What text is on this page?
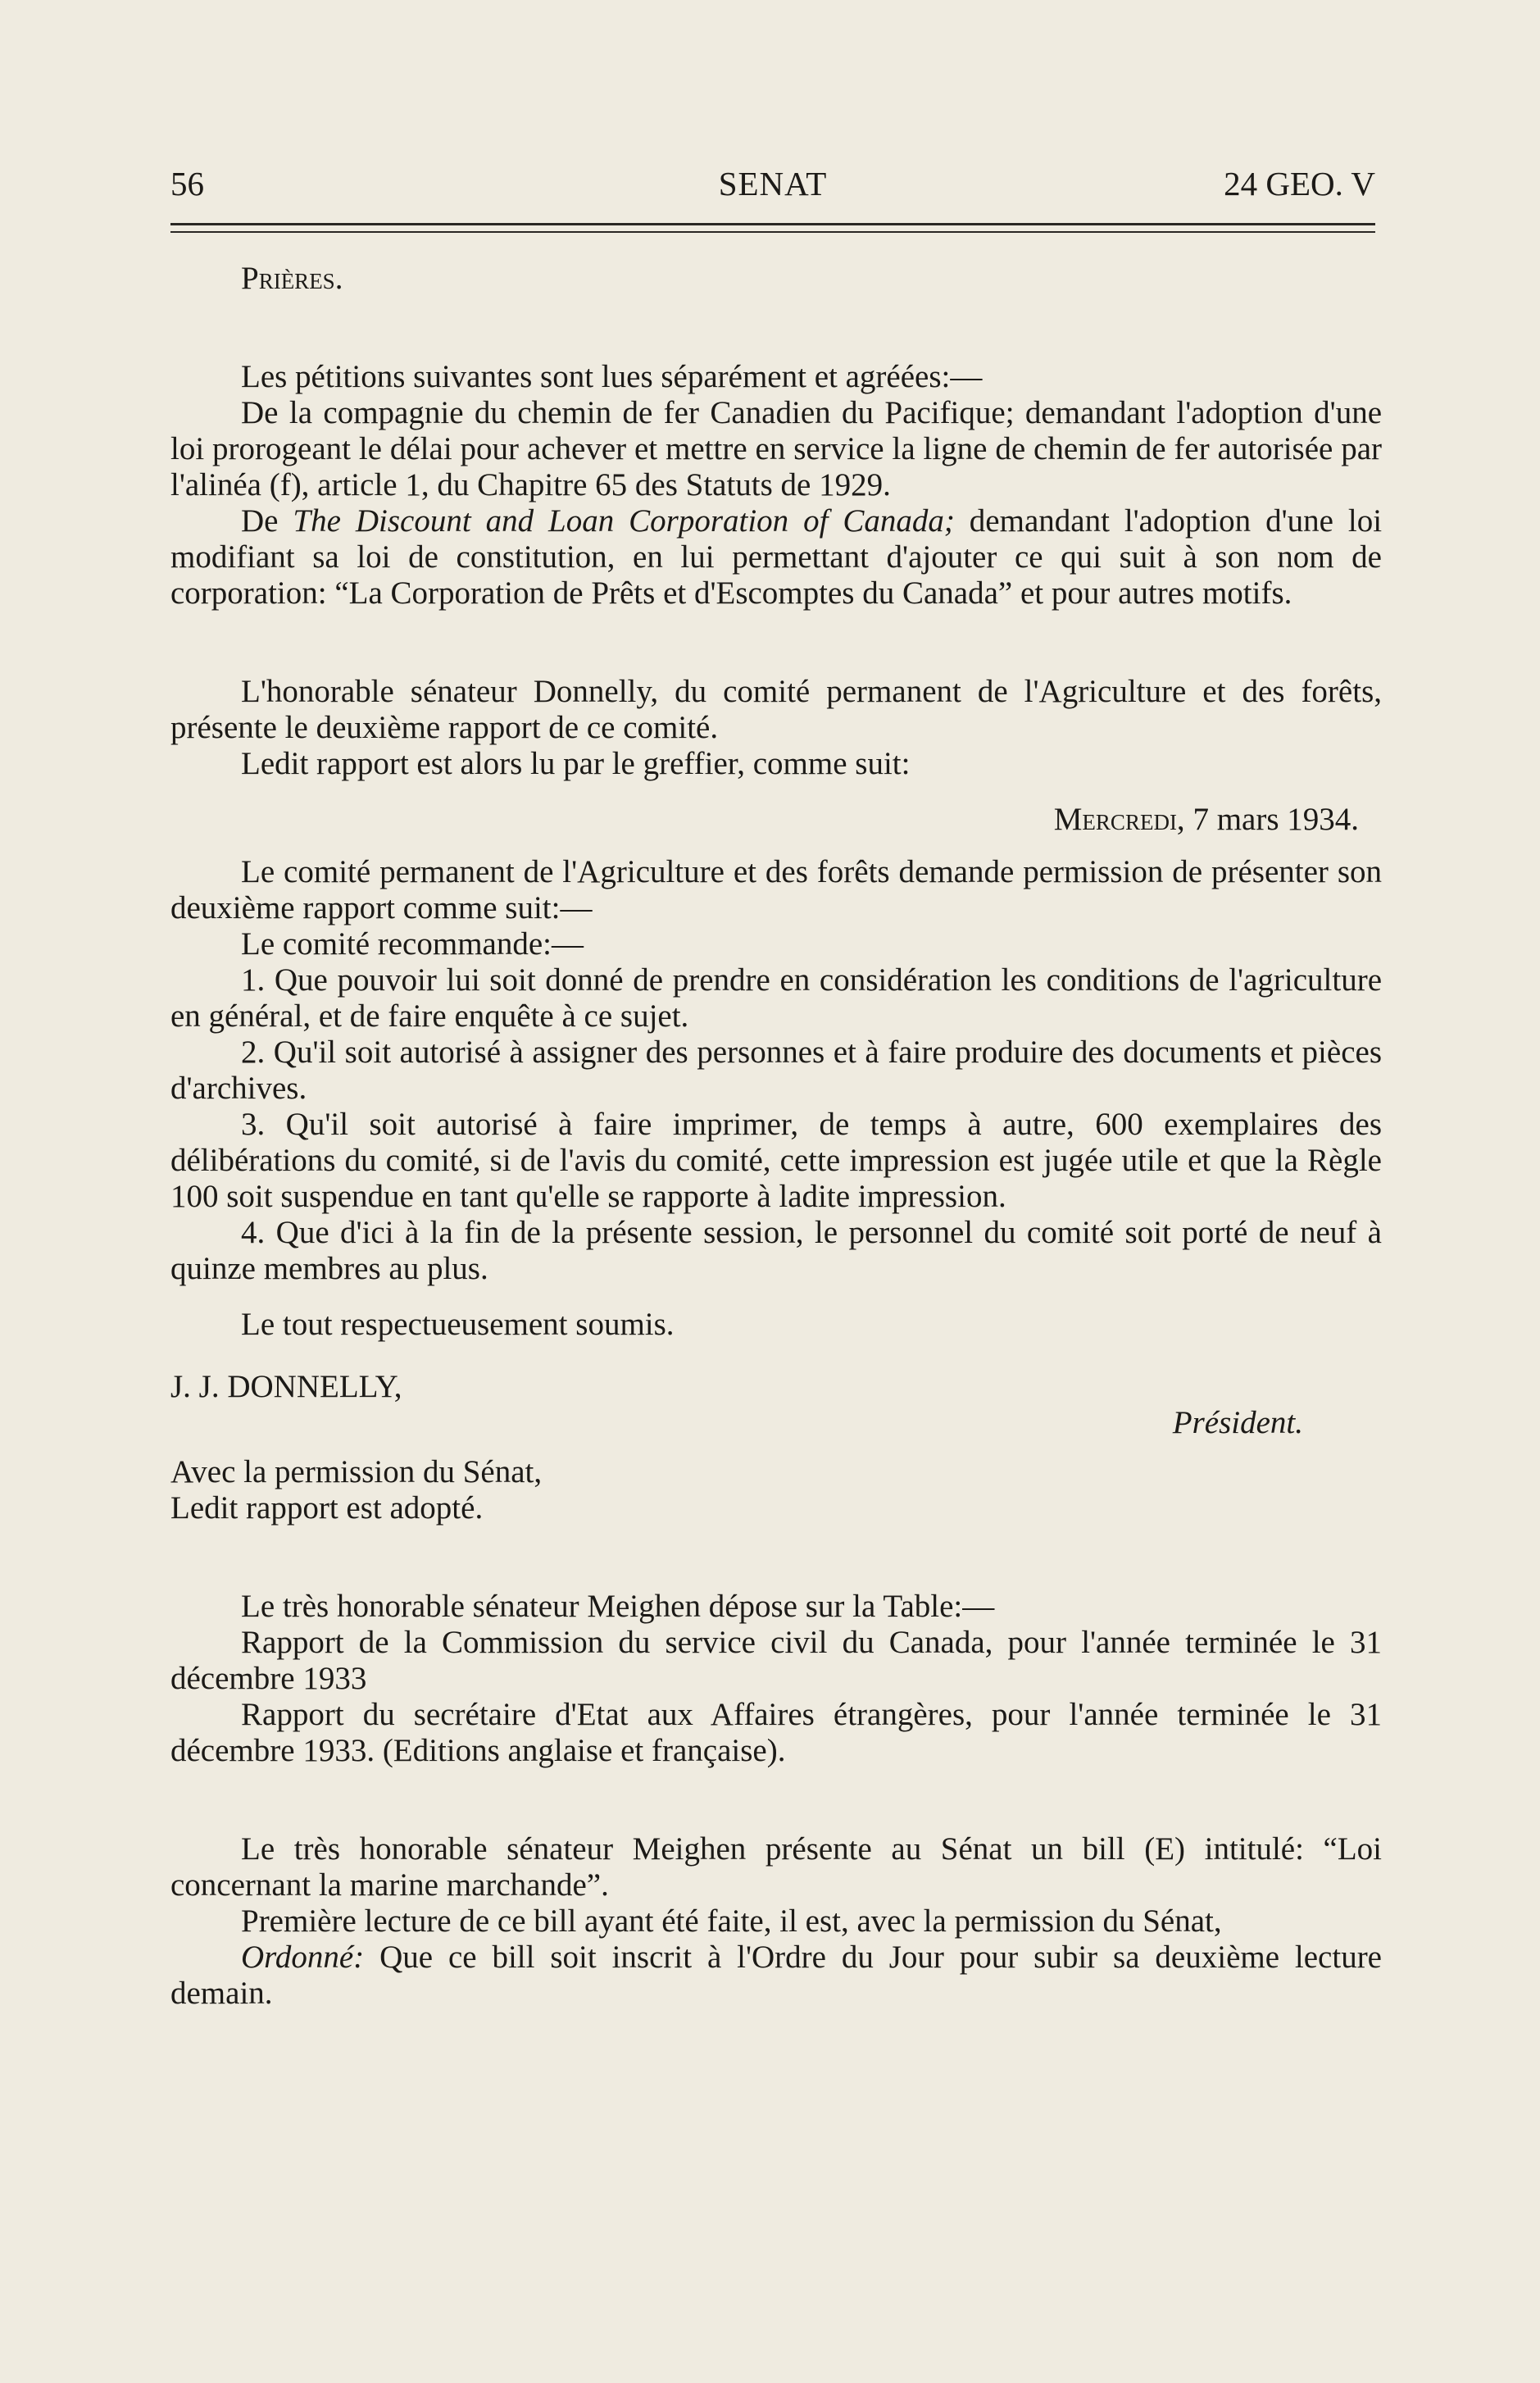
56	SENAT	24 GEO. V

Prières.

Les pétitions suivantes sont lues séparément et agréées:—

De la compagnie du chemin de fer Canadien du Pacifique; demandant l'adoption d'une loi prorogeant le délai pour achever et mettre en service la ligne de chemin de fer autorisée par l'alinéa (f), article 1, du Chapitre 65 des Statuts de 1929.

De The Discount and Loan Corporation of Canada; demandant l'adoption d'une loi modifiant sa loi de constitution, en lui permettant d'ajouter ce qui suit à son nom de corporation: “La Corporation de Prêts et d'Escomptes du Canada” et pour autres motifs.

L'honorable sénateur Donnelly, du comité permanent de l'Agriculture et des forêts, présente le deuxième rapport de ce comité.

Ledit rapport est alors lu par le greffier, comme suit:

Mercredi, 7 mars 1934.

Le comité permanent de l'Agriculture et des forêts demande permission de présenter son deuxième rapport comme suit:—

Le comité recommande:—

1. Que pouvoir lui soit donné de prendre en considération les conditions de l'agriculture en général, et de faire enquête à ce sujet.

2. Qu'il soit autorisé à assigner des personnes et à faire produire des documents et pièces d'archives.

3. Qu'il soit autorisé à faire imprimer, de temps à autre, 600 exemplaires des délibérations du comité, si de l'avis du comité, cette impression est jugée utile et que la Règle 100 soit suspendue en tant qu'elle se rapporte à ladite impression.

4. Que d'ici à la fin de la présente session, le personnel du comité soit porté de neuf à quinze membres au plus.

Le tout respectueusement soumis.

J. J. DONNELLY,

Président.

Avec la permission du Sénat,

Ledit rapport est adopté.

Le très honorable sénateur Meighen dépose sur la Table:—

Rapport de la Commission du service civil du Canada, pour l'année terminée le 31 décembre 1933

Rapport du secrétaire d'Etat aux Affaires étrangères, pour l'année terminée le 31 décembre 1933. (Editions anglaise et française).

Le très honorable sénateur Meighen présente au Sénat un bill (E) intitulé: “Loi concernant la marine marchande”.

Première lecture de ce bill ayant été faite, il est, avec la permission du Sénat,

Ordonné: Que ce bill soit inscrit à l'Ordre du Jour pour subir sa deuxième lecture demain.
